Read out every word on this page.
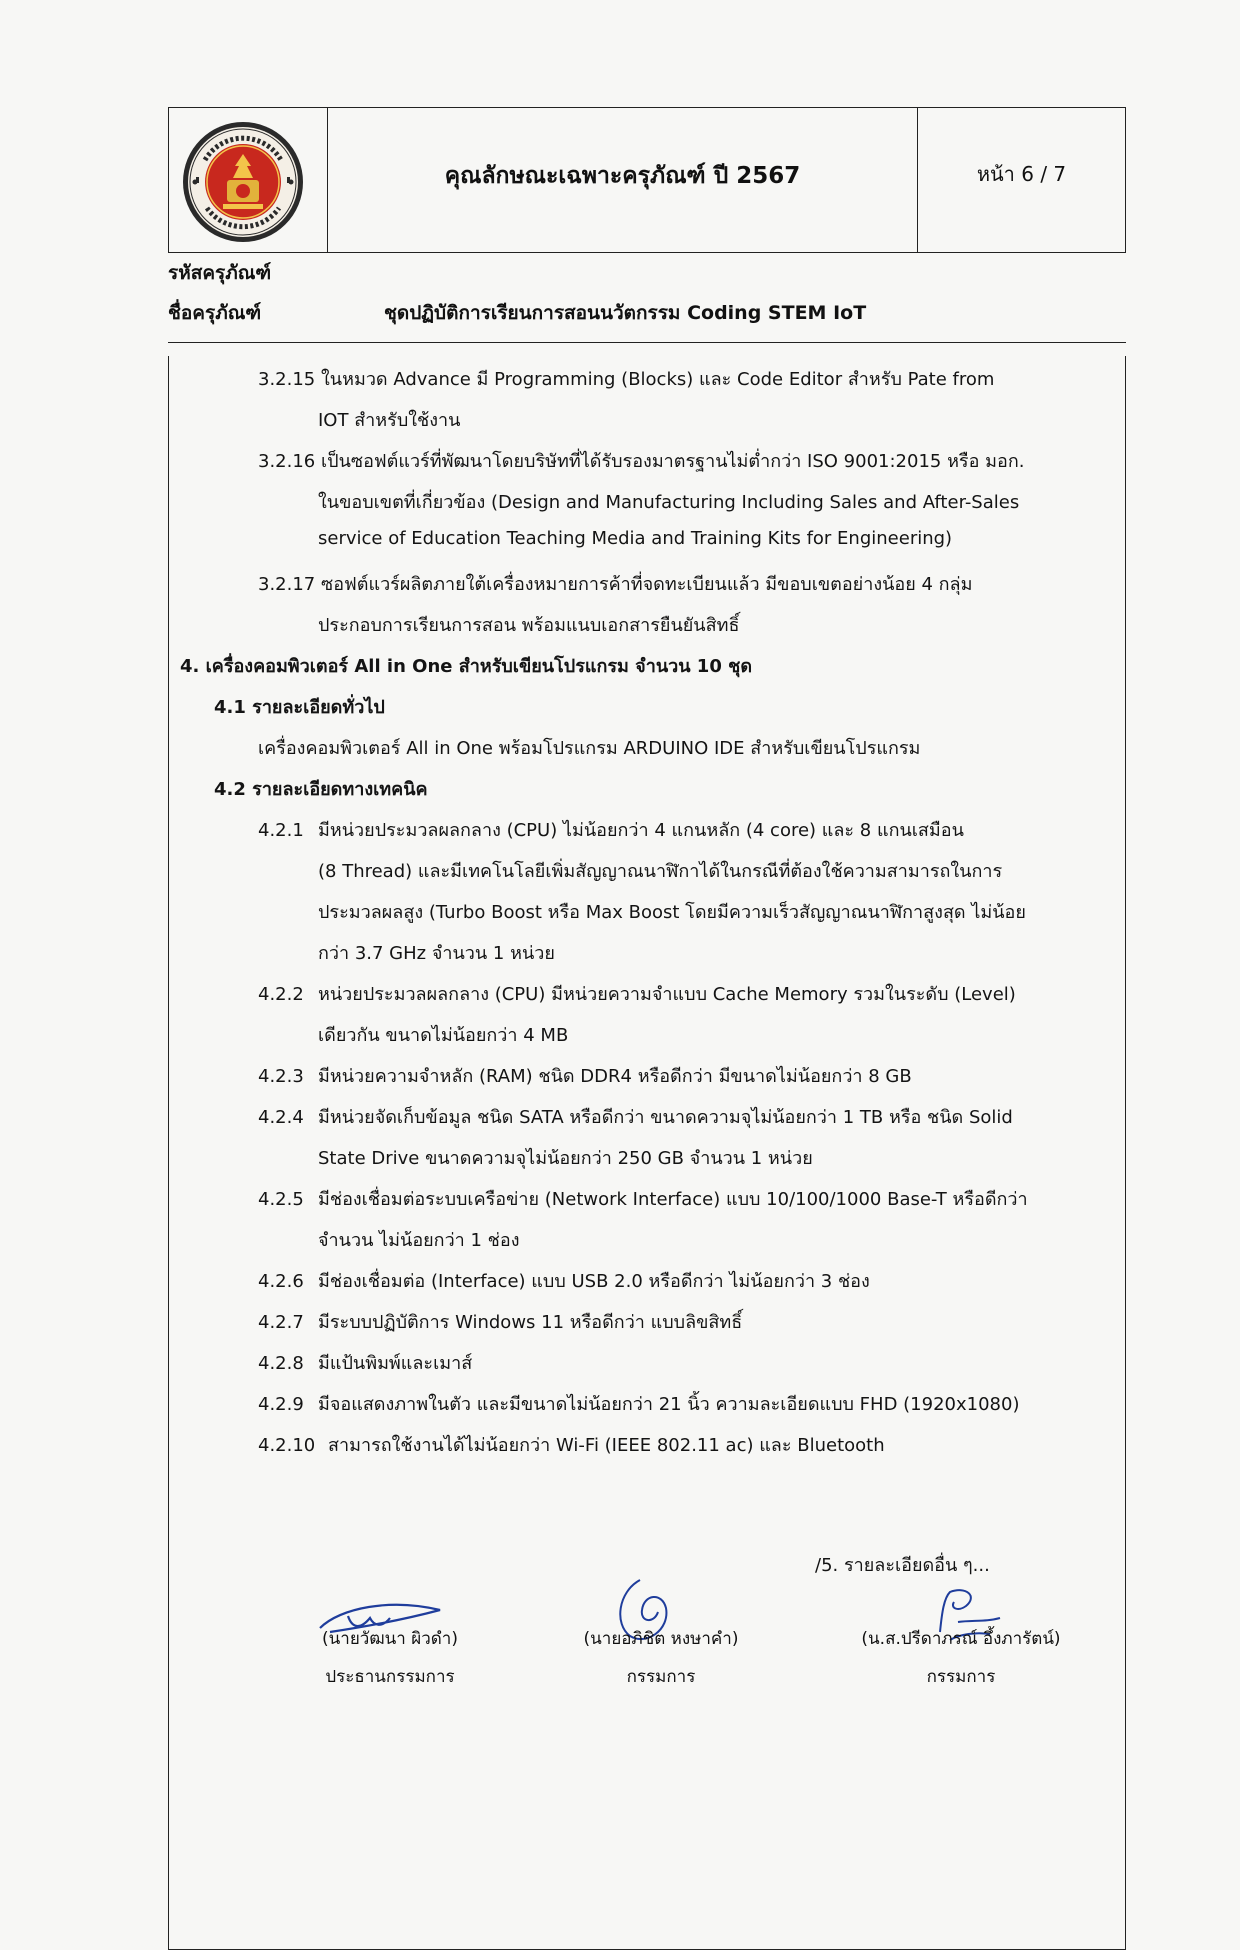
คุณลักษณะเฉพาะครุภัณฑ์ ปี 2567	หน้า 6 / 7
รหัสครุภัณฑ์
ชื่อครุภัณฑ์	ชุดปฏิบัติการเรียนการสอนนวัตกรรม Coding STEM IoT
3.2.15 ในหมวด Advance มี Programming (Blocks) และ Code Editor สำหรับ Pate from
IOT สำหรับใช้งาน
3.2.16 เป็นซอฟต์แวร์ที่พัฒนาโดยบริษัทที่ได้รับรองมาตรฐานไม่ต่ำกว่า ISO 9001:2015 หรือ มอก.
ในขอบเขตที่เกี่ยวข้อง (Design and Manufacturing Including Sales and After-Sales
service of Education Teaching Media and Training Kits for Engineering)
3.2.17 ซอฟต์แวร์ผลิตภายใต้เครื่องหมายการค้าที่จดทะเบียนแล้ว มีขอบเขตอย่างน้อย 4 กลุ่ม
ประกอบการเรียนการสอน พร้อมแนบเอกสารยืนยันสิทธิ์
4. เครื่องคอมพิวเตอร์ All in One สำหรับเขียนโปรแกรม จำนวน 10 ชุด
4.1 รายละเอียดทั่วไป
เครื่องคอมพิวเตอร์ All in One พร้อมโปรแกรม ARDUINO IDE สำหรับเขียนโปรแกรม
4.2 รายละเอียดทางเทคนิค
4.2.1 มีหน่วยประมวลผลกลาง (CPU) ไม่น้อยกว่า 4 แกนหลัก (4 core) และ 8 แกนเสมือน
(8 Thread) และมีเทคโนโลยีเพิ่มสัญญาณนาฬิกาได้ในกรณีที่ต้องใช้ความสามารถในการ
ประมวลผลสูง (Turbo Boost หรือ Max Boost โดยมีความเร็วสัญญาณนาฬิกาสูงสุด ไม่น้อย
กว่า 3.7 GHz จำนวน 1 หน่วย
4.2.2 หน่วยประมวลผลกลาง (CPU) มีหน่วยความจำแบบ Cache Memory รวมในระดับ (Level)
เดียวกัน ขนาดไม่น้อยกว่า 4 MB
4.2.3 มีหน่วยความจำหลัก (RAM) ชนิด DDR4 หรือดีกว่า มีขนาดไม่น้อยกว่า 8 GB
4.2.4 มีหน่วยจัดเก็บข้อมูล ชนิด SATA หรือดีกว่า ขนาดความจุไม่น้อยกว่า 1 TB หรือ ชนิด Solid
State Drive ขนาดความจุไม่น้อยกว่า 250 GB จำนวน 1 หน่วย
4.2.5 มีช่องเชื่อมต่อระบบเครือข่าย (Network Interface) แบบ 10/100/1000 Base-T หรือดีกว่า
จำนวน ไม่น้อยกว่า 1 ช่อง
4.2.6 มีช่องเชื่อมต่อ (Interface) แบบ USB 2.0 หรือดีกว่า ไม่น้อยกว่า 3 ช่อง
4.2.7 มีระบบปฏิบัติการ Windows 11 หรือดีกว่า แบบลิขสิทธิ์
4.2.8 มีแป้นพิมพ์และเมาส์
4.2.9 มีจอแสดงภาพในตัว และมีขนาดไม่น้อยกว่า 21 นิ้ว ความละเอียดแบบ FHD (1920x1080)
4.2.10 สามารถใช้งานได้ไม่น้อยกว่า Wi-Fi (IEEE 802.11 ac) และ Bluetooth
/5. รายละเอียดอื่น ๆ...
(นายวัฒนา ผิวดำ)
ประธานกรรมการ
(นายอภิชิต หงษาคำ)
กรรมการ
(น.ส.ปรีดาภรณ์ อึ้งภารัตน์)
กรรมการ
